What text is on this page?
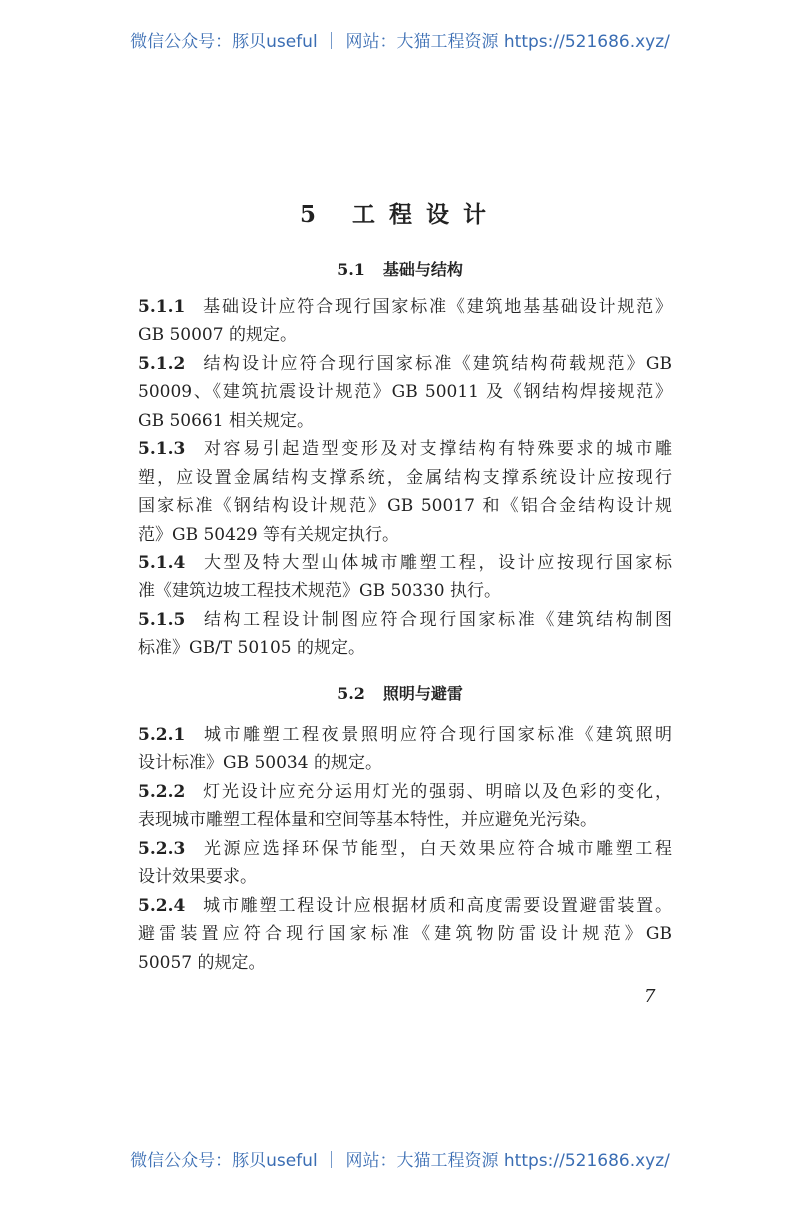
微信公众号：豚贝useful ｜ 网站：大猫工程资源 https://521686.xyz/
5 工程设计
5.1 基础与结构
5.1.1 基础设计应符合现行国家标准《建筑地基基础设计规范》
GB 50007 的规定。
5.1.2 结构设计应符合现行国家标准《建筑结构荷载规范》GB
50009、《建筑抗震设计规范》GB 50011 及《钢结构焊接规范》
GB 50661 相关规定。
5.1.3 对容易引起造型变形及对支撑结构有特殊要求的城市雕
塑，应设置金属结构支撑系统，金属结构支撑系统设计应按现行
国家标准《钢结构设计规范》GB 50017 和《铝合金结构设计规
范》GB 50429 等有关规定执行。
5.1.4 大型及特大型山体城市雕塑工程，设计应按现行国家标
准《建筑边坡工程技术规范》GB 50330 执行。
5.1.5 结构工程设计制图应符合现行国家标准《建筑结构制图
标准》GB/T 50105 的规定。
5.2 照明与避雷
5.2.1 城市雕塑工程夜景照明应符合现行国家标准《建筑照明
设计标准》GB 50034 的规定。
5.2.2 灯光设计应充分运用灯光的强弱、明暗以及色彩的变化，
表现城市雕塑工程体量和空间等基本特性，并应避免光污染。
5.2.3 光源应选择环保节能型，白天效果应符合城市雕塑工程
设计效果要求。
5.2.4 城市雕塑工程设计应根据材质和高度需要设置避雷装置。
避雷装置应符合现行国家标准《建筑物防雷设计规范》GB
50057 的规定。
7
微信公众号：豚贝useful ｜ 网站：大猫工程资源 https://521686.xyz/
